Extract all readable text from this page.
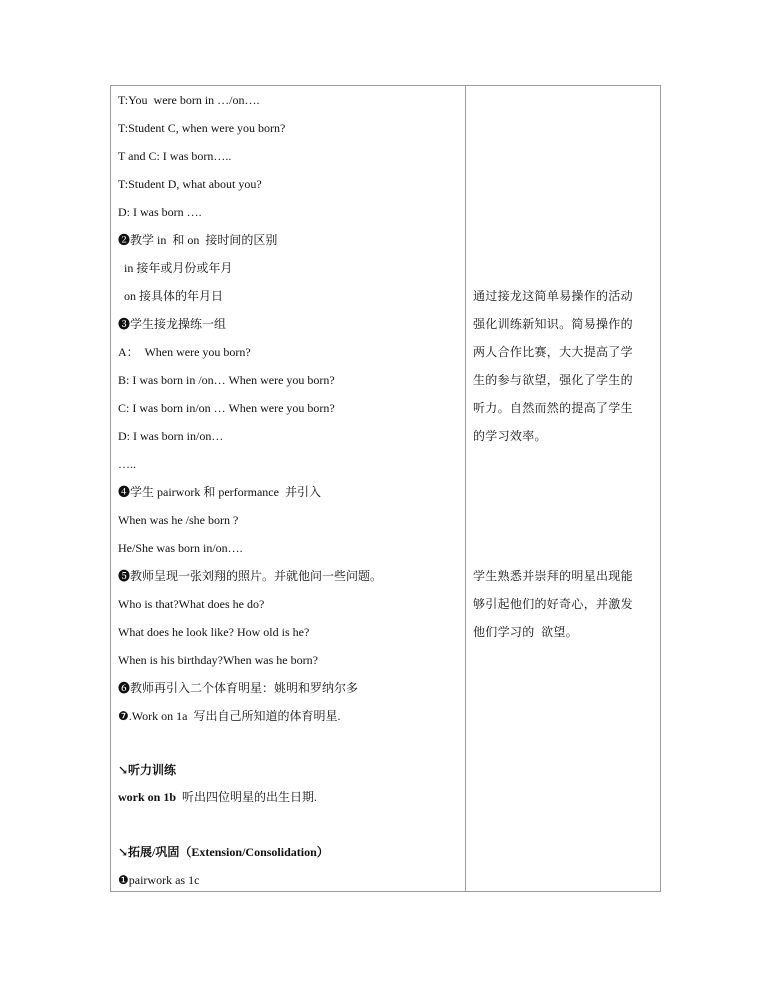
T:You  were born in …/on….
T:Student C, when were you born?
T and C: I was born…..
T:Student D, what about you?
D: I was born ….
❷教学 in  和 on  接时间的区别
in 接年或月份或年月
on 接具体的年月日
❸学生接龙操练一组
A：  When were you born?
B: I was born in /on… When were you born?
C: I was born in/on … When were you born?
D: I was born in/on…
…..
❹学生 pairwork 和 performance  并引入
When was he /she born ?
He/She was born in/on….
❺教师呈现一张刘翔的照片。并就他问一些问题。
Who is that?What does he do?
What does he look like? How old is he?
When is his birthday?When was he born?
❻教师再引入二个体育明星：姚明和罗纳尔多
❼.Work on 1a  写出自己所知道的体育明星.
↘听力训练
work on 1b  听出四位明星的出生日期.
↘拓展/巩固（Extension/Consolidation）
❶pairwork as 1c
通过接龙这简单易操作的活动
强化训练新知识。简易操作的
两人合作比赛，大大提高了学
生的参与欲望，强化了学生的
听力。自然而然的提高了学生
的学习效率。
学生熟悉并崇拜的明星出现能
够引起他们的好奇心，并激发
他们学习的  欲望。
